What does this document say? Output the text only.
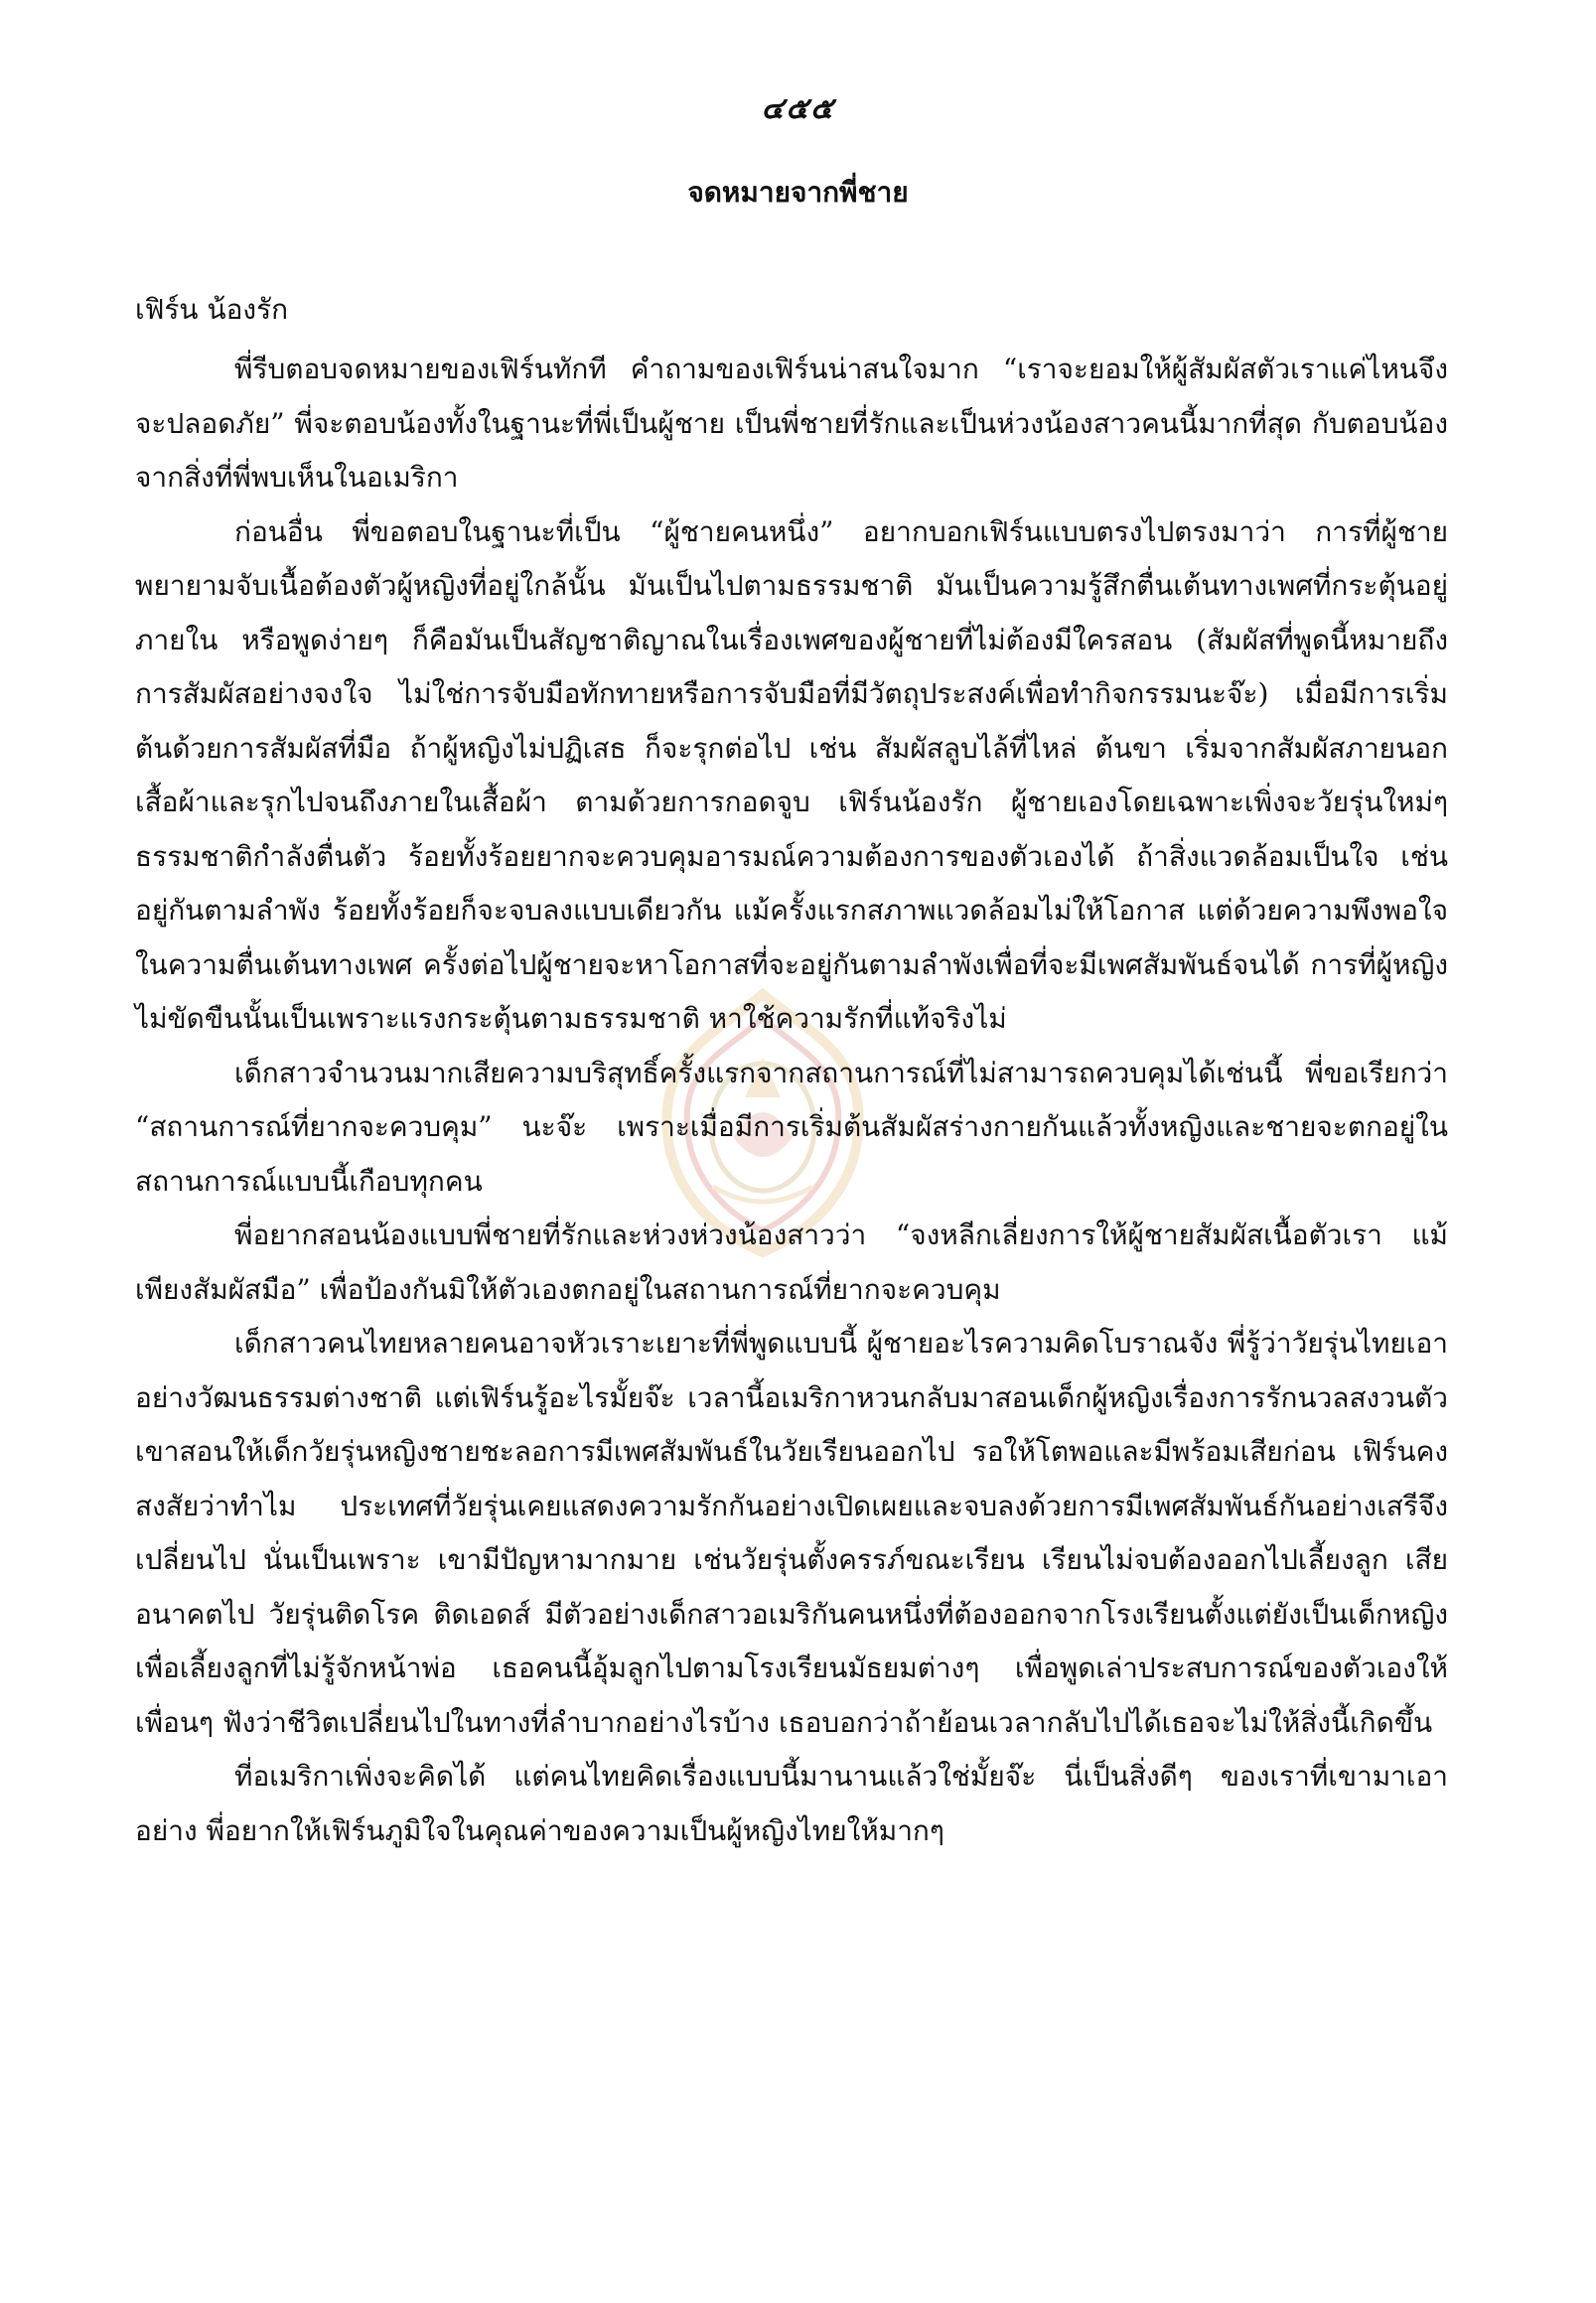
๔๕๕
จดหมายจากพี่ชาย
เฟิร์น น้องรัก

พี่รีบตอบจดหมายของเฟิร์นทักที คำถามของเฟิร์นน่าสนใจมาก “เราจะยอมให้ผู้สัมผัสตัวเราแค่ไหนจึงจะปลอดภัย” พี่จะตอบน้องทั้งในฐานะที่พี่เป็นผู้ชาย เป็นพี่ชายที่รักและเป็นห่วงน้องสาวคนนี้มากที่สุด กับตอบน้องจากสิ่งที่พี่พบเห็นในอเมริกา

ก่อนอื่น พี่ขอตอบในฐานะที่เป็น “ผู้ชายคนหนึ่ง” อยากบอกเฟิร์นแบบตรงไปตรงมาว่า การที่ผู้ชายพยายามจับเนื้อต้องตัวผู้หญิงที่อยู่ใกล้นั้น มันเป็นไปตามธรรมชาติ มันเป็นความรู้สึกตื่นเต้นทางเพศที่กระตุ้นอยู่ภายใน หรือพูดง่ายๆ ก็คือมันเป็นสัญชาติญาณในเรื่องเพศของผู้ชายที่ไม่ต้องมีใครสอน (สัมผัสที่พูดนี้หมายถึงการสัมผัสอย่างจงใจ ไม่ใช่การจับมือทักทายหรือการจับมือที่มีวัตถุประสงค์เพื่อทำกิจกรรมนะจ๊ะ) เมื่อมีการเริ่มต้นด้วยการสัมผัสที่มือ ถ้าผู้หญิงไม่ปฏิเสธ ก็จะรุกต่อไป เช่น สัมผัสลูบไล้ที่ไหล่ ต้นขา เริ่มจากสัมผัสภายนอกเสื้อผ้าและรุกไปจนถึงภายในเสื้อผ้า ตามด้วยการกอดจูบ เฟิร์นน้องรัก ผู้ชายเองโดยเฉพาะเพิ่งจะวัยรุ่นใหม่ๆ ธรรมชาติกำลังตื่นตัว ร้อยทั้งร้อยยากจะควบคุมอารมณ์ความต้องการของตัวเองได้ ถ้าสิ่งแวดล้อมเป็นใจ เช่น อยู่กันตามลำพัง ร้อยทั้งร้อยก็จะจบลงแบบเดียวกัน แม้ครั้งแรกสภาพแวดล้อมไม่ให้โอกาส แต่ด้วยความพึงพอใจในความตื่นเต้นทางเพศ ครั้งต่อไปผู้ชายจะหาโอกาสที่จะอยู่กันตามลำพังเพื่อที่จะมีเพศสัมพันธ์จนได้ การที่ผู้หญิงไม่ขัดขืนนั้นเป็นเพราะแรงกระตุ้นตามธรรมชาติ หาใช้ความรักที่แท้จริงไม่

เด็กสาวจำนวนมากเสียความบริสุทธิ์ครั้งแรกจากสถานการณ์ที่ไม่สามารถควบคุมได้เช่นนี้ พี่ขอเรียกว่า “สถานการณ์ที่ยากจะควบคุม” นะจ๊ะ เพราะเมื่อมีการเริ่มต้นสัมผัสร่างกายกันแล้วทั้งหญิงและชายจะตกอยู่ในสถานการณ์แบบนี้เกือบทุกคน

พี่อยากสอนน้องแบบพี่ชายที่รักและห่วงห่วงน้องสาวว่า “จงหลีกเลี่ยงการให้ผู้ชายสัมผัสเนื้อตัวเรา แม้เพียงสัมผัสมือ” เพื่อป้องกันมิให้ตัวเองตกอยู่ในสถานการณ์ที่ยากจะควบคุม

เด็กสาวคนไทยหลายคนอาจหัวเราะเยาะที่พี่พูดแบบนี้ ผู้ชายอะไรความคิดโบราณจัง พี่รู้ว่าวัยรุ่นไทยเอาอย่างวัฒนธรรมต่างชาติ แต่เฟิร์นรู้อะไรมั้ยจ๊ะ เวลานี้อเมริกาหวนกลับมาสอนเด็กผู้หญิงเรื่องการรักนวลสงวนตัว เขาสอนให้เด็กวัยรุ่นหญิงชายชะลอการมีเพศสัมพันธ์ในวัยเรียนออกไป รอให้โตพอและมีพร้อมเสียก่อน เฟิร์นคงสงสัยว่าทำไม ประเทศที่วัยรุ่นเคยแสดงความรักกันอย่างเปิดเผยและจบลงด้วยการมีเพศสัมพันธ์กันอย่างเสรีจึงเปลี่ยนไป นั่นเป็นเพราะ เขามีปัญหามากมาย เช่นวัยรุ่นตั้งครรภ์ขณะเรียน เรียนไม่จบต้องออกไปเลี้ยงลูก เสียอนาคตไป วัยรุ่นติดโรค ติดเอดส์ มีตัวอย่างเด็กสาวอเมริกันคนหนึ่งที่ต้องออกจากโรงเรียนตั้งแต่ยังเป็นเด็กหญิงเพื่อเลี้ยงลูกที่ไม่รู้จักหน้าพ่อ เธอคนนี้อุ้มลูกไปตามโรงเรียนมัธยมต่างๆ เพื่อพูดเล่าประสบการณ์ของตัวเองให้เพื่อนๆ ฟังว่าชีวิตเปลี่ยนไปในทางที่ลำบากอย่างไรบ้าง เธอบอกว่าถ้าย้อนเวลากลับไปได้เธอจะไม่ให้สิ่งนี้เกิดขึ้น

ที่อเมริกาเพิ่งจะคิดได้ แต่คนไทยคิดเรื่องแบบนี้มานานแล้วใช่มั้ยจ๊ะ นี่เป็นสิ่งดีๆ ของเราที่เขามาเอาอย่าง พี่อยากให้เฟิร์นภูมิใจในคุณค่าของความเป็นผู้หญิงไทยให้มากๆ
